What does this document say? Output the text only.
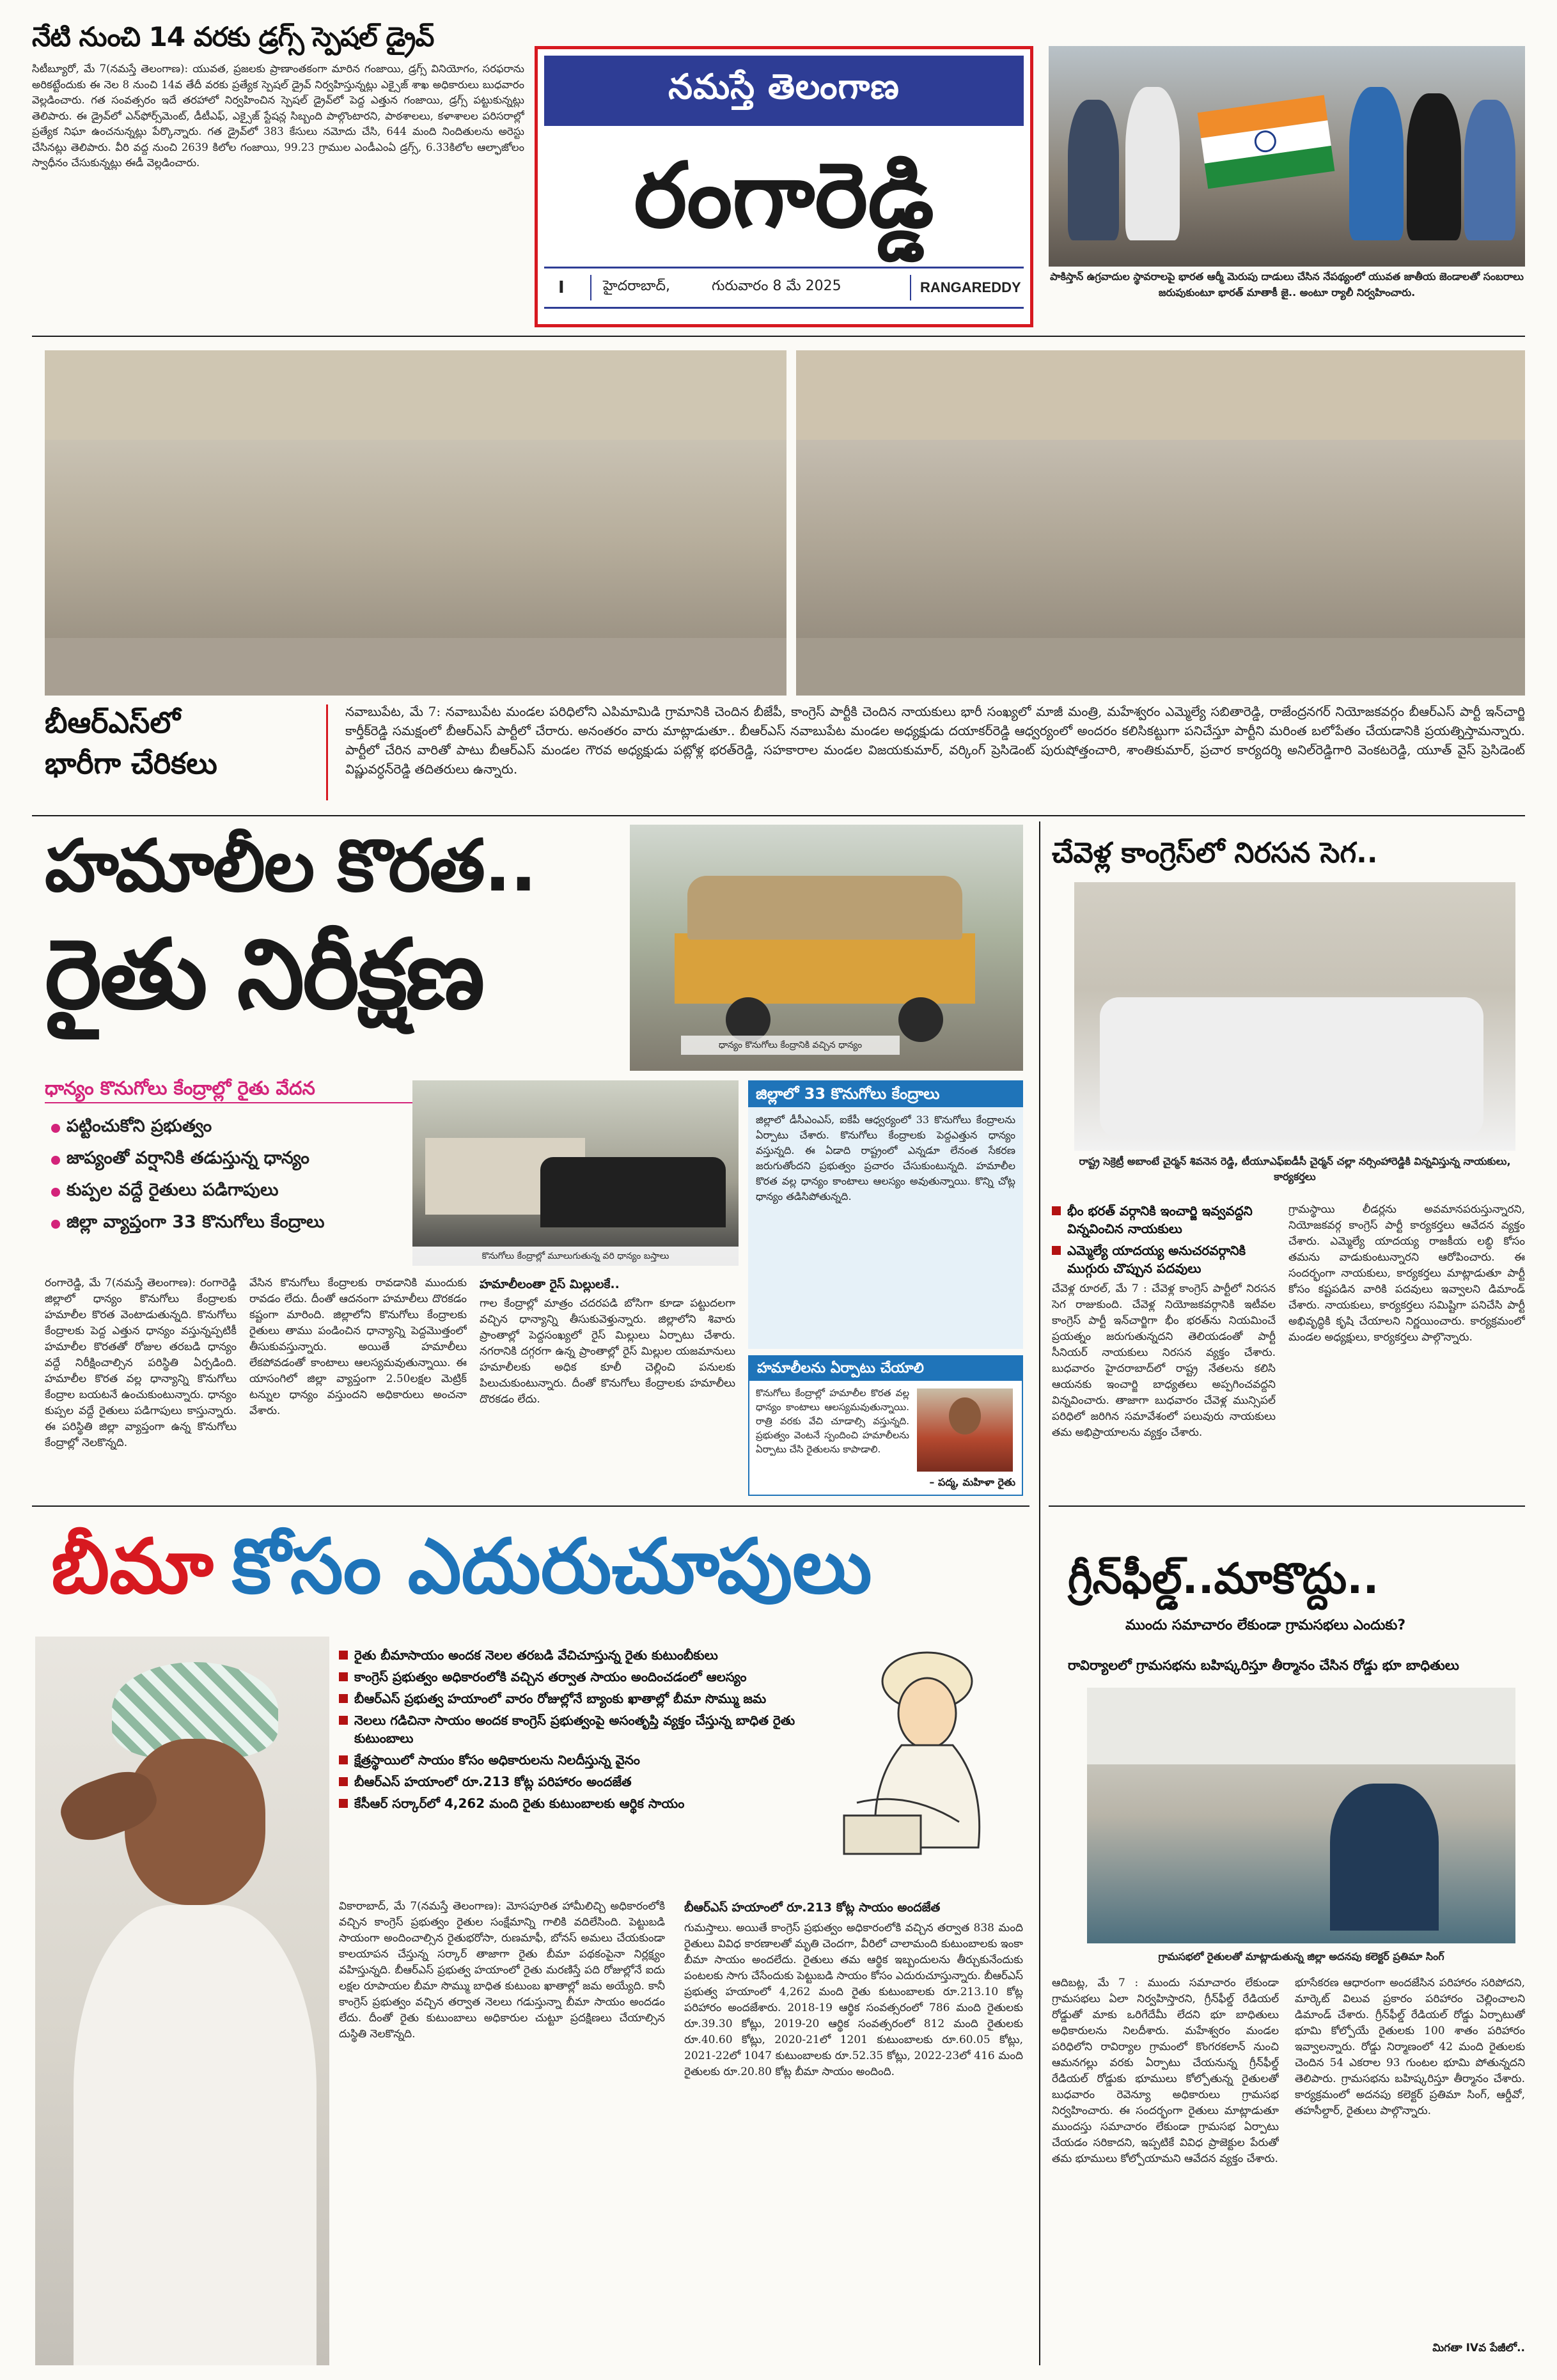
నేటి నుంచి 14 వరకు డ్రగ్స్ స్పెషల్ డ్రైవ్
సిటీబ్యూరో, మే 7(నమస్తే తెలంగాణ): యువత, ప్రజలకు ప్రాణాంతకంగా మారిన గంజాయి, డ్రగ్స్ వినియోగం, సరఫరాను అరికట్టేందుకు ఈ నెల 8 నుంచి 14వ తేదీ వరకు ప్రత్యేక స్పెషల్ డ్రైవ్ నిర్వహిస్తున్నట్లు ఎక్సైజ్ శాఖ అధికారులు బుధవారం వెల్లడించారు. గత సంవత్సరం ఇదే తరహాలో నిర్వహించిన స్పెషల్ డ్రైవ్‌లో పెద్ద ఎత్తున గంజాయి, డ్రగ్స్ పట్టుకున్నట్లు తెలిపారు. ఈ డ్రైవ్‌లో ఎన్‌ఫోర్స్‌మెంట్, డీటీఎఫ్, ఎక్సైజ్ స్టేషన్ల సిబ్బంది పాల్గొంటారని, పాఠశాలలు, కళాశాలల పరిసరాల్లో ప్రత్యేక నిఘా ఉంచనున్నట్లు పేర్కొన్నారు. గత డ్రైవ్‌లో 383 కేసులు నమోదు చేసి, 644 మంది నిందితులను అరెస్టు చేసినట్లు తెలిపారు. వీరి వద్ద నుంచి 2639 కిలోల గంజాయి, 99.23 గ్రాముల ఎండీఎంఏ డ్రగ్స్, 6.33కిలోల ఆల్ఫాజోలం స్వాధీనం చేసుకున్నట్లు ఈడీ వెల్లడించారు.
నమస్తే తెలంగాణ
రంగారెడ్డి
I	హైదరాబాద్,	గురువారం 8 మే 2025	RANGAREDDY
పాకిస్తాన్ ఉగ్రవాదుల స్థావరాలపై భారత ఆర్మీ మెరుపు దాడులు చేసిన నేపథ్యంలో యువత జాతీయ జెండాలతో సంబరాలు జరుపుకుంటూ భారత్ మాతాకీ జై.. అంటూ ర్యాలీ నిర్వహించారు.
బీఆర్ఎస్‌లో
భారీగా చేరికలు
నవాబుపేట, మే 7: నవాబుపేట మండల పరిధిలోని ఎపిమామిడి గ్రామానికి చెందిన బీజేపీ, కాంగ్రెస్ పార్టీకి చెందిన నాయకులు భారీ సంఖ్యలో మాజీ మంత్రి, మహేశ్వరం ఎమ్మెల్యే సబితారెడ్డి, రాజేంద్రనగర్ నియోజకవర్గం బీఆర్ఎస్ పార్టీ ఇన్‌చార్జి కార్తీక్‌రెడ్డి సమక్షంలో బీఆర్ఎస్ పార్టీలో చేరారు. అనంతరం వారు మాట్లాడుతూ.. బీఆర్ఎస్ నవాబుపేట మండల అధ్యక్షుడు దయాకర్‌రెడ్డి ఆధ్వర్యంలో అందరం కలిసికట్టుగా పనిచేస్తూ పార్టీని మరింత బలోపేతం చేయడానికి ప్రయత్నిస్తామన్నారు. పార్టీలో చేరిన వారితో పాటు బీఆర్ఎస్ మండల గౌరవ అధ్యక్షుడు పట్లోళ్ల భరత్‌రెడ్డి, సహకారాల మండల విజయకుమార్, వర్కింగ్ ప్రెసిడెంట్ పురుషోత్తంచారి, శాంతికుమార్, ప్రచార కార్యదర్శి అనిల్‌రెడ్డిగారి వెంకటరెడ్డి, యూత్ వైస్ ప్రెసిడెంట్ విష్ణువర్ధన్‌రెడ్డి తదితరులు ఉన్నారు.
హమాలీల కొరత..
రైతు నిరీక్షణ
ధాన్యం కొనుగోలు కేంద్రానికి వచ్చిన ధాన్యం
ధాన్యం కొనుగోలు కేంద్రాల్లో రైతు వేదన
పట్టించుకోని ప్రభుత్వం
జాప్యంతో వర్షానికి తడుస్తున్న ధాన్యం
కుప్పల వద్దే రైతులు పడిగాపులు
జిల్లా వ్యాప్తంగా 33 కొనుగోలు కేంద్రాలు
కొనుగోలు కేంద్రాల్లో మూలుగుతున్న వరి ధాన్యం బస్తాలు
జిల్లాలో 33 కొనుగోలు కేంద్రాలు
జిల్లాలో డీసీఎంఎస్, ఐకేపీ ఆధ్వర్యంలో 33 కొనుగోలు కేంద్రాలను ఏర్పాటు చేశారు. కొనుగోలు కేంద్రాలకు పెద్దఎత్తున ధాన్యం వస్తున్నది. ఈ ఏడాది రాష్ట్రంలో ఎన్నడూ లేనంత సేకరణ జరుగుతోందని ప్రభుత్వం ప్రచారం చేసుకుంటున్నది. హమాలీల కొరత వల్ల ధాన్యం కాంటాలు ఆలస్యం అవుతున్నాయి. కొన్ని చోట్ల ధాన్యం తడిసిపోతున్నది.
హమాలీలను ఏర్పాటు చేయాలి
కొనుగోలు కేంద్రాల్లో హమాలీల కొరత వల్ల ధాన్యం కాంటాలు ఆలస్యమవుతున్నాయి. రాత్రి వరకు వేచి చూడాల్సి వస్తున్నది. ప్రభుత్వం వెంటనే స్పందించి హమాలీలను ఏర్పాటు చేసి రైతులను కాపాడాలి.
– పద్మ, మహిళా రైతు
రంగారెడ్డి, మే 7(నమస్తే తెలంగాణ): రంగారెడ్డి జిల్లాలో ధాన్యం కొనుగోలు కేంద్రాలకు హమాలీల కొరత వెంటాడుతున్నది. కొనుగోలు కేంద్రాలకు పెద్ద ఎత్తున ధాన్యం వస్తున్నప్పటికీ హమాలీల కొరతతో రోజుల తరబడి ధాన్యం వద్దే నిరీక్షించాల్సిన పరిస్థితి ఏర్పడింది. హమాలీల కొరత వల్ల ధాన్యాన్ని కొనుగోలు కేంద్రాల బయటనే ఉంచుకుంటున్నారు. ధాన్యం కుప్పల వద్దే రైతులు పడిగాపులు కాస్తున్నారు. ఈ పరిస్థితి జిల్లా వ్యాప్తంగా ఉన్న కొనుగోలు కేంద్రాల్లో నెలకొన్నది.
వేసిన కొనుగోలు కేంద్రాలకు రావడానికి ముందుకు రావడం లేదు. దీంతో ఆదనంగా హమాలీలు దొరకడం కష్టంగా మారింది. జిల్లాలోని కొనుగోలు కేంద్రాలకు రైతులు తాము పండించిన ధాన్యాన్ని పెద్దమొత్తంలో తీసుకువస్తున్నారు. అయితే హమాలీలు లేకపోవడంతో కాంటాలు ఆలస్యమవుతున్నాయి. ఈ యాసంగిలో జిల్లా వ్యాప్తంగా 2.50లక్షల మెట్రిక్ టన్నుల ధాన్యం వస్తుందని అధికారులు అంచనా వేశారు.
హమాలీలంతా రైస్ మిల్లులకే..
గాల కేంద్రాల్లో మాత్రం చదరపడి బోసిగా కూడా పట్టుదలగా వచ్చిన ధాన్యాన్ని తీసుకువెళ్తున్నారు. జిల్లాలోని శివారు ప్రాంతాల్లో పెద్దసంఖ్యలో రైస్ మిల్లులు ఏర్పాటు చేశారు. నగరానికి దగ్గరగా ఉన్న ప్రాంతాల్లో రైస్ మిల్లుల యజమానులు హమాలీలకు అధిక కూలీ చెల్లించి పనులకు పిలుచుకుంటున్నారు. దీంతో కొనుగోలు కేంద్రాలకు హమాలీలు దొరకడం లేదు.
చేవెళ్ల కాంగ్రెస్‌లో నిరసన సెగ..
రాష్ట్ర సెక్రెట్రీ అబాంటే చైర్మన్ శివనెన రెడ్డి, టీయూఎఫ్‌ఐడీసీ చైర్మన్ చల్లా నర్సింహారెడ్డికి విన్నవిస్తున్న నాయకులు, కార్యకర్తలు
భీం భరత్ వర్గానికి ఇంచార్జి ఇవ్వవద్దని విన్నవించిన నాయకులు
ఎమ్మెల్యే యాదయ్య అనుచరవర్గానికి ముగ్గురు చొప్పున పదవులు
చేవెళ్ల రూరల్, మే 7 : చేవెళ్ల కాంగ్రెస్ పార్టీలో నిరసన సెగ రాజుకుంది. చేవెళ్ల నియోజకవర్గానికి ఇటీవల కాంగ్రెస్ పార్టీ ఇన్‌చార్జిగా భీం భరత్‌ను నియమించే ప్రయత్నం జరుగుతున్నదని తెలియడంతో పార్టీ సీనియర్ నాయకులు నిరసన వ్యక్తం చేశారు. బుధవారం హైదరాబాద్‌లో రాష్ట్ర నేతలను కలిసి ఆయనకు ఇంచార్జి బాధ్యతలు అప్పగించవద్దని విన్నవించారు. తాజాగా బుధవారం చేవెళ్ల మున్సిపల్ పరిధిలో జరిగిన సమావేశంలో పలువురు నాయకులు తమ అభిప్రాయాలను వ్యక్తం చేశారు.
గ్రామస్థాయి లీడర్లను అవమానపరుస్తున్నారని, నియోజకవర్గ కాంగ్రెస్ పార్టీ కార్యకర్తలు ఆవేదన వ్యక్తం చేశారు. ఎమ్మెల్యే యాదయ్య రాజకీయ లబ్ధి కోసం తమను వాడుకుంటున్నారని ఆరోపించారు. ఈ సందర్భంగా నాయకులు, కార్యకర్తలు మాట్లాడుతూ పార్టీ కోసం కష్టపడిన వారికి పదవులు ఇవ్వాలని డిమాండ్ చేశారు. నాయకులు, కార్యకర్తలు సమిష్టిగా పనిచేసి పార్టీ అభివృద్ధికి కృషి చేయాలని నిర్ణయించారు. కార్యక్రమంలో మండల అధ్యక్షులు, కార్యకర్తలు పాల్గొన్నారు.
బీమా కోసం ఎదురుచూపులు
రైతు బీమాసాయం అందక నెలల తరబడి వేచిచూస్తున్న రైతు కుటుంబీకులు
కాంగ్రెస్ ప్రభుత్వం అధికారంలోకి వచ్చిన తర్వాత సాయం అందించడంలో ఆలస్యం
బీఆర్ఎస్ ప్రభుత్వ హయాంలో వారం రోజుల్లోనే బ్యాంకు ఖాతాల్లో బీమా సొమ్ము జమ
నెలలు గడిచినా సాయం అందక కాంగ్రెస్ ప్రభుత్వంపై అసంతృప్తి వ్యక్తం చేస్తున్న బాధిత రైతు కుటుంబాలు
క్షేత్రస్థాయిలో సాయం కోసం అధికారులను నిలదీస్తున్న వైనం
బీఆర్ఎస్ హయాంలో రూ.213 కోట్ల పరిహారం అందజేత
కేసీఆర్ సర్కార్‌లో 4,262 మంది రైతు కుటుంబాలకు ఆర్థిక సాయం
వికారాబాద్, మే 7(నమస్తే తెలంగాణ): మోసపూరిత హామీలిచ్చి అధికారంలోకి వచ్చిన కాంగ్రెస్ ప్రభుత్వం రైతుల సంక్షేమాన్ని గాలికి వదిలేసింది. పెట్టుబడి సాయంగా అందించాల్సిన రైతుభరోసా, రుణమాఫీ, బోనస్ అమలు చేయకుండా కాలయాపన చేస్తున్న సర్కార్ తాజాగా రైతు బీమా పథకంపైనా నిర్లక్ష్యం వహిస్తున్నది. బీఆర్ఎస్ ప్రభుత్వ హయాంలో రైతు మరణిస్తే పది రోజుల్లోనే ఐదు లక్షల రూపాయల బీమా సొమ్ము బాధిత కుటుంబ ఖాతాల్లో జమ అయ్యేది. కానీ కాంగ్రెస్ ప్రభుత్వం వచ్చిన తర్వాత నెలలు గడుస్తున్నా బీమా సాయం అందడం లేదు. దీంతో రైతు కుటుంబాలు అధికారుల చుట్టూ ప్రదక్షిణలు చేయాల్సిన దుస్థితి నెలకొన్నది.
బీఆర్ఎస్ హయాంలో రూ.213 కోట్ల సాయం అందజేత
గుమస్తాలు. అయితే కాంగ్రెస్ ప్రభుత్వం అధికారంలోకి వచ్చిన తర్వాత 838 మంది రైతులు వివిధ కారణాలతో మృతి చెందగా, వీరిలో చాలామంది కుటుంబాలకు ఇంకా బీమా సాయం అందలేదు. రైతులు తమ ఆర్థిక ఇబ్బందులను తీర్చుకునేందుకు పంటలకు సాగు చేసేందుకు పెట్టుబడి సాయం కోసం ఎదురుచూస్తున్నారు. బీఆర్ఎస్ ప్రభుత్వ హయాంలో 4,262 మంది రైతు కుటుంబాలకు రూ.213.10 కోట్ల పరిహారం అందజేశారు. 2018-19 ఆర్థిక సంవత్సరంలో 786 మంది రైతులకు రూ.39.30 కోట్లు, 2019-20 ఆర్థిక సంవత్సరంలో 812 మంది రైతులకు రూ.40.60 కోట్లు, 2020-21లో 1201 కుటుంబాలకు రూ.60.05 కోట్లు, 2021-22లో 1047 కుటుంబాలకు రూ.52.35 కోట్లు, 2022-23లో 416 మంది రైతులకు రూ.20.80 కోట్ల బీమా సాయం అందింది.
గ్రీన్‌ఫీల్డ్..మాకొద్దు..
ముందు సమాచారం లేకుండా గ్రామసభలు ఎందుకు?
రావిర్యాలలో గ్రామసభను బహిష్కరిస్తూ తీర్మానం చేసిన రోడ్డు భూ బాధితులు
గ్రామసభలో రైతులతో మాట్లాడుతున్న జిల్లా అదనపు కలెక్టర్ ప్రతిమా సింగ్
ఆదిబట్ల, మే 7 : ముందు సమాచారం లేకుండా గ్రామసభలు ఏలా నిర్వహిస్తారని, గ్రీన్‌ఫీల్డ్ రేడియల్ రోడ్డుతో మాకు ఒరిగేదేమీ లేదని భూ బాధితులు అధికారులను నిలదీశారు. మహేశ్వరం మండల పరిధిలోని రావిర్యాల గ్రామంలో కొంగరకలాన్ నుంచి ఆమనగల్లు వరకు ఏర్పాటు చేయనున్న గ్రీన్‌ఫీల్డ్ రేడియల్ రోడ్డుకు భూములు కోల్పోతున్న రైతులతో బుధవారం రెవెన్యూ అధికారులు గ్రామసభ నిర్వహించారు. ఈ సందర్భంగా రైతులు మాట్లాడుతూ ముందస్తు సమాచారం లేకుండా గ్రామసభ ఏర్పాటు చేయడం సరికాదని, ఇప్పటికే వివిధ ప్రాజెక్టుల పేరుతో తమ భూములు కోల్పోయామని ఆవేదన వ్యక్తం చేశారు.
భూసేకరణ ఆధారంగా అందజేసిన పరిహారం సరిపోదని, మార్కెట్ విలువ ప్రకారం పరిహారం చెల్లించాలని డిమాండ్ చేశారు. గ్రీన్‌ఫీల్డ్ రేడియల్ రోడ్డు ఏర్పాటుతో భూమి కోల్పోయే రైతులకు 100 శాతం పరిహారం ఇవ్వాలన్నారు. రోడ్డు నిర్మాణంలో 42 మంది రైతులకు చెందిన 54 ఎకరాల 93 గుంటల భూమి పోతున్నదని తెలిపారు. గ్రామసభను బహిష్కరిస్తూ తీర్మానం చేశారు. కార్యక్రమంలో అదనపు కలెక్టర్ ప్రతిమా సింగ్, ఆర్డీవో, తహసీల్దార్, రైతులు పాల్గొన్నారు.
మిగతా IVవ పేజీలో..
